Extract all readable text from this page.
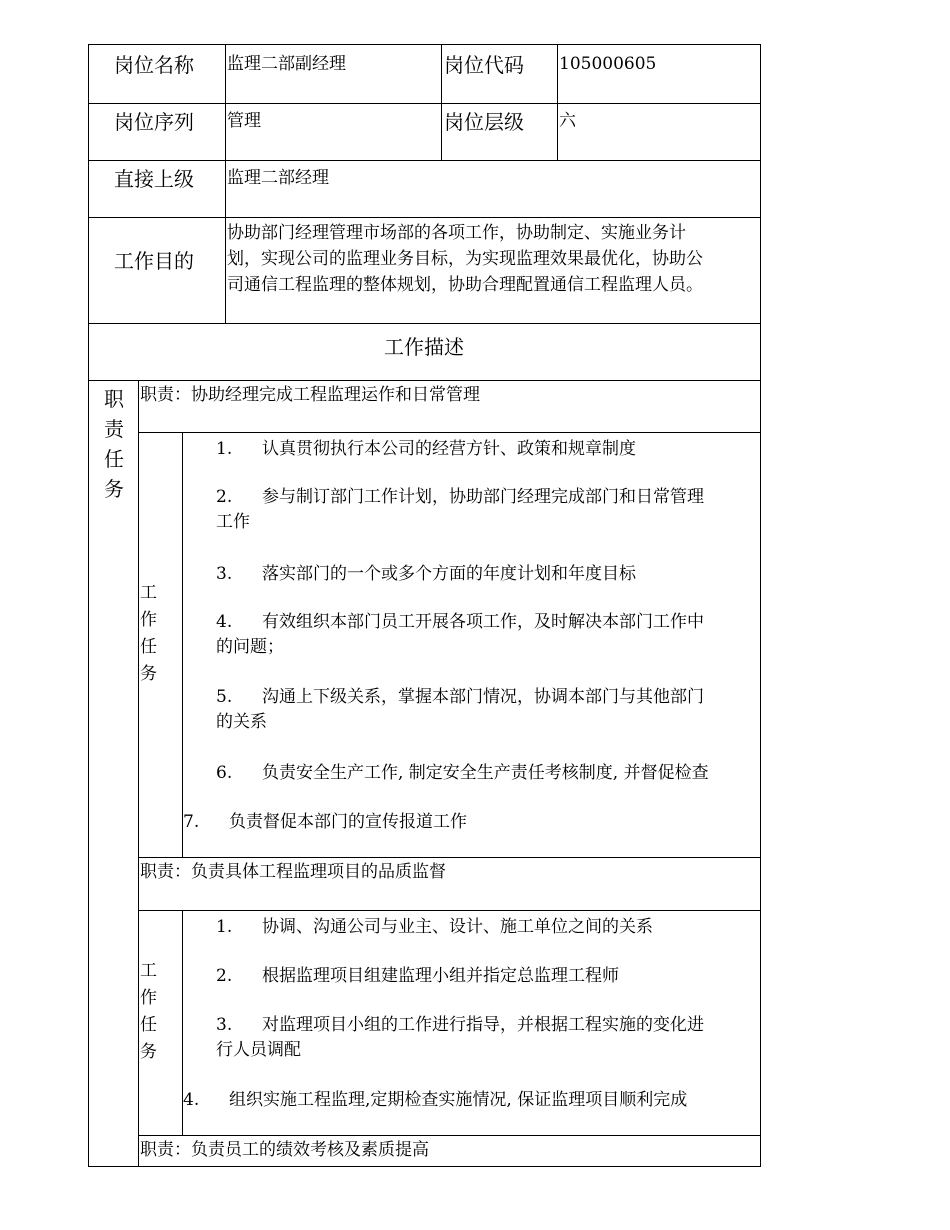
岗位名称 监理二部副经理	岗位代码 105000605
岗位序列 管理	岗位层级 六
直接上级 监理二部经理
工作目的
协助部门经理管理市场部的各项工作，协助制定、实施业务计
划，实现公司的监理业务目标，为实现监理效果最优化，协助公
司通信工程监理的整体规划，协助合理配置通信工程监理人员。
工作描述
职
责
任
务
职责：协助经理完成工程监理运作和日常管理
工
作
任
务
1. 认真贯彻执行本公司的经营方针、政策和规章制度
2. 参与制订部门工作计划，协助部门经理完成部门和日常管理
工作
3. 落实部门的一个或多个方面的年度计划和年度目标
4. 有效组织本部门员工开展各项工作，及时解决本部门工作中
的问题；
5. 沟通上下级关系，掌握本部门情况，协调本部门与其他部门
的关系
6. 负责安全生产工作, 制定安全生产责任考核制度, 并督促检查
7. 负责督促本部门的宣传报道工作
职责：负责具体工程监理项目的品质监督
工
作
任
务
1. 协调、沟通公司与业主、设计、施工单位之间的关系
2. 根据监理项目组建监理小组并指定总监理工程师
3. 对监理项目小组的工作进行指导，并根据工程实施的变化进
行人员调配
4. 组织实施工程监理,定期检查实施情况, 保证监理项目顺利完成
职责：负责员工的绩效考核及素质提高
